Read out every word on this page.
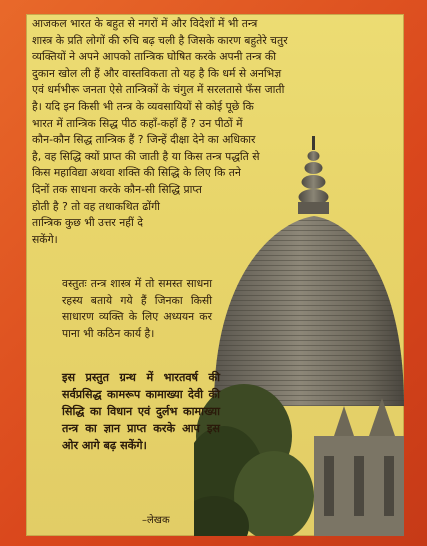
आजकल भारत के बहुत से नगरों में और विदेशों में भी तन्त्र
शास्त्र के प्रति लोगों की रुचि बढ़ चली है जिसके कारण बहुतेरे चतुर
व्यक्तियों ने अपने आपको तान्त्रिक घोषित करके अपनी तन्त्र की
दुकान खोल ली हैं और वास्तविकता तो यह है कि धर्म से अनभिज्ञ
एवं धर्मभीरू जनता ऐसे तान्त्रिकों के चंगुल में सरलतासे फँस जाती
है। यदि इन किसी भी तन्त्र के व्यवसायियों से कोई पूछे कि
भारत में तान्त्रिक सिद्ध पीठ कहाँ-कहाँ हैं ? उन पीठों में
कौन-कौन सिद्ध तान्त्रिक हैं ? जिन्हें दीक्षा देने का अधिकार
है, वह सिद्धि क्यों प्राप्त की जाती है या किस तन्त्र पद्धति से
किस महाविद्या अथवा शक्ति की सिद्धि के लिए कि तने
दिनों तक साधना करके कौन-सी सिद्धि प्राप्त
होती है ? तो वह तथाकथित ढोंगी
तान्त्रिक कुछ भी उत्तर नहीं दे
सकेंगे।

वस्तुतः तन्त्र शास्त्र में तो समस्त साधना रहस्य बताये गये हैं जिनका किसी साधारण व्यक्ति के लिए अध्ययन कर पाना भी कठिन कार्य है।

इस प्रस्तुत ग्रन्थ में भारतवर्ष की सर्वप्रसिद्ध कामरूप कामाख्या देवी की सिद्धि का विधान एवं दुर्लभ कामाख्या तन्त्र का ज्ञान प्राप्त करके आप इस ओर आगे बढ़ सकेंगे।

–लेखक
